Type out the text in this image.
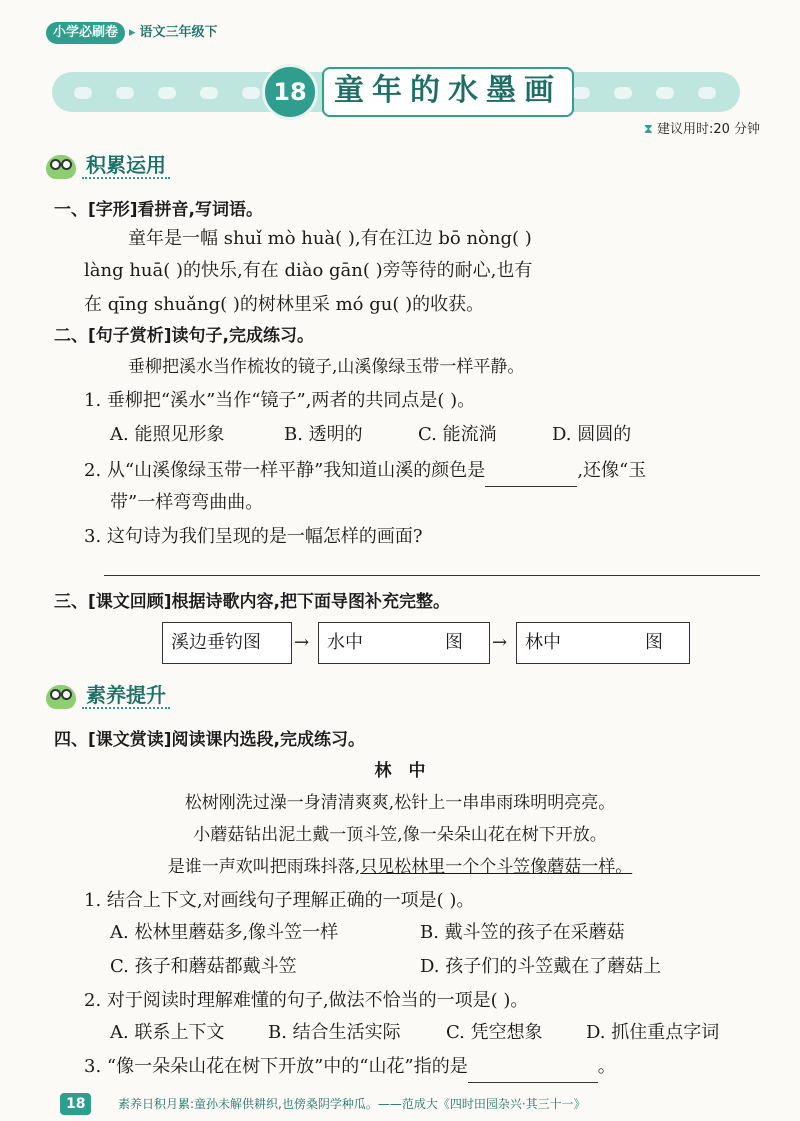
小学必刷卷 ▸ 语文三年级下
18 童年的水墨画
⧗ 建议用时:20 分钟
积累运用
一、[字形]看拼音,写词语。
童年是一幅 shuǐ mò huà( ),有在江边 bō nòng( )
làng huā( )的快乐,有在 diào gān( )旁等待的耐心,也有
在 qīng shuǎng( )的树林里采 mó gu( )的收获。
二、[句子赏析]读句子,完成练习。
垂柳把溪水当作梳妆的镜子,山溪像绿玉带一样平静。
1. 垂柳把“溪水”当作“镜子”,两者的共同点是( )。
A. 能照见形象	B. 透明的	C. 能流淌	D. 圆圆的
2. 从“山溪像绿玉带一样平静”我知道山溪的颜色是	,还像“玉
带”一样弯弯曲曲。
3. 这句诗为我们呈现的是一幅怎样的画面?
三、[课文回顾]根据诗歌内容,把下面导图补充完整。
溪边垂钓图	→ 水中	图	→ 林中	图
素养提升
四、[课文赏读]阅读课内选段,完成练习。
林　中
松树刚洗过澡一身清清爽爽,松针上一串串雨珠明明亮亮。
小蘑菇钻出泥土戴一顶斗笠,像一朵朵山花在树下开放。
是谁一声欢叫把雨珠抖落,只见松林里一个个斗笠像蘑菇一样。
1. 结合上下文,对画线句子理解正确的一项是( )。
A. 松林里蘑菇多,像斗笠一样	B. 戴斗笠的孩子在采蘑菇
C. 孩子和蘑菇都戴斗笠	D. 孩子们的斗笠戴在了蘑菇上
2. 对于阅读时理解难懂的句子,做法不恰当的一项是( )。
A. 联系上下文 B. 结合生活实际	C. 凭空想象 D. 抓住重点字词
3. “像一朵朵山花在树下开放”中的“山花”指的是	。
18	素养日积月累:童孙未解供耕织,也傍桑阴学种瓜。——范成大《四时田园杂兴·其三十一》
